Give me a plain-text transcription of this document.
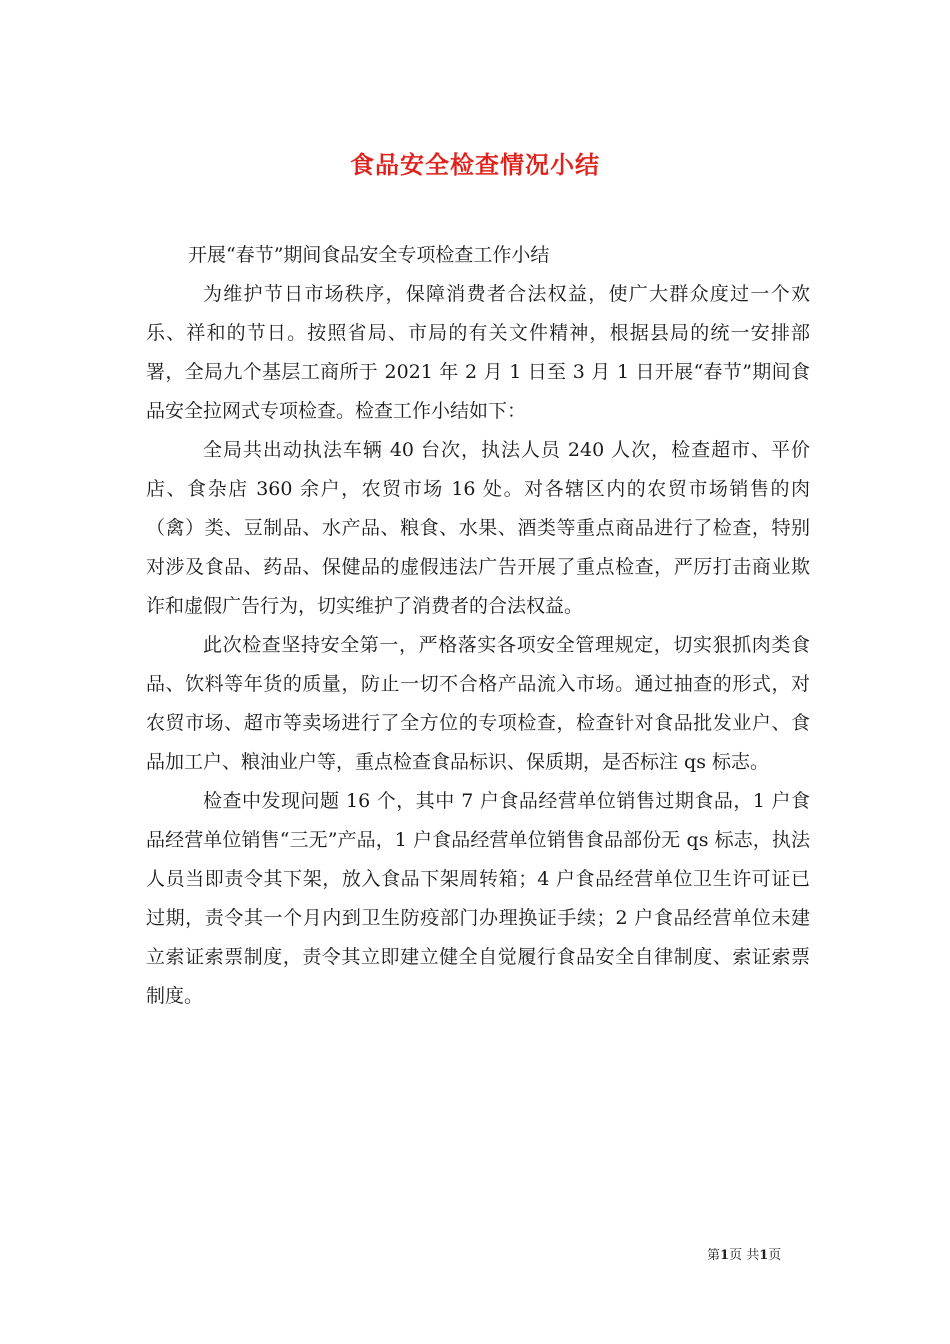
食品安全检查情况小结

开展“春节”期间食品安全专项检查工作小结

为维护节日市场秩序，保障消费者合法权益，使广大群众度过一个欢乐、祥和的节日。按照省局、市局的有关文件精神，根据县局的统一安排部署，全局九个基层工商所于 2021 年 2 月 1 日至 3 月 1 日开展“春节”期间食品安全拉网式专项检查。检查工作小结如下：

全局共出动执法车辆 40 台次，执法人员 240 人次，检查超市、平价店、食杂店 360 余户，农贸市场 16 处。对各辖区内的农贸市场销售的肉（禽）类、豆制品、水产品、粮食、水果、酒类等重点商品进行了检查，特别对涉及食品、药品、保健品的虚假违法广告开展了重点检查，严厉打击商业欺诈和虚假广告行为，切实维护了消费者的合法权益。

此次检查坚持安全第一，严格落实各项安全管理规定，切实狠抓肉类食品、饮料等年货的质量，防止一切不合格产品流入市场。通过抽查的形式，对农贸市场、超市等卖场进行了全方位的专项检查，检查针对食品批发业户、食品加工户、粮油业户等，重点检查食品标识、保质期，是否标注 qs 标志。

检查中发现问题 16 个，其中 7 户食品经营单位销售过期食品，1 户食品经营单位销售“三无”产品，1 户食品经营单位销售食品部份无 qs 标志，执法人员当即责令其下架，放入食品下架周转箱；4 户食品经营单位卫生许可证已过期，责令其一个月内到卫生防疫部门办理换证手续；2 户食品经营单位未建立索证索票制度，责令其立即建立健全自觉履行食品安全自律制度、索证索票制度。

第1页 共1页
